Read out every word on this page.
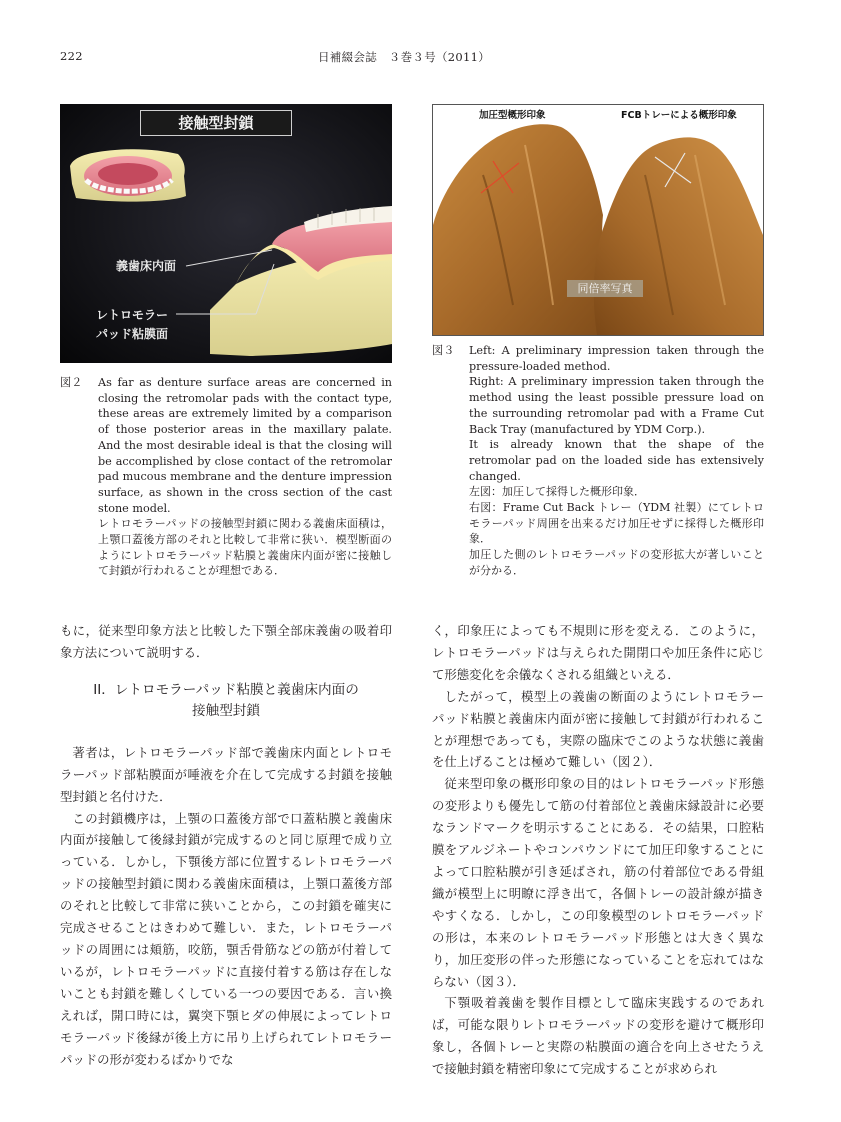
222	日補綴会誌　３巻３号（2011）
接触型封鎖
義歯床内面
レトロモラー
パッド粘膜面
加圧型概形印象	FCBトレーによる概形印象
同倍率写真
図２ As far as denture surface areas are concerned in closing the retromolar pads with the contact type, these areas are extremely limited by a comparison of those posterior areas in the maxillary palate. And the most desirable ideal is that the closing will be accomplished by close contact of the retromolar pad mucous membrane and the denture impression surface, as shown in the cross section of the cast stone model.
レトロモラーパッドの接触型封鎖に関わる義歯床面積は，上顎口蓋後方部のそれと比較して非常に狭い．模型断面のようにレトロモラーパッド粘膜と義歯床内面が密に接触して封鎖が行われることが理想である．
図３ Left: A preliminary impression taken through the pressure-loaded method.
Right: A preliminary impression taken through the method using the least possible pressure load on the surrounding retromolar pad with a Frame Cut Back Tray (manufactured by YDM Corp.).
It is already known that the shape of the retromolar pad on the loaded side has extensively changed.
左図：加圧して採得した概形印象．
右図：Frame Cut Back トレー（YDM 社製）にてレトロモラーパッド周囲を出来るだけ加圧せずに採得した概形印象．
加圧した側のレトロモラーパッドの変形拡大が著しいことが分かる．

もに，従来型印象方法と比較した下顎全部床義歯の吸着印象方法について説明する．

II．レトロモラーパッド粘膜と義歯床内面の
接触型封鎖

著者は，レトロモラーパッド部で義歯床内面とレトロモラーパッド部粘膜面が唾液を介在して完成する封鎖を接触型封鎖と名付けた．

この封鎖機序は，上顎の口蓋後方部で口蓋粘膜と義歯床内面が接触して後縁封鎖が完成するのと同じ原理で成り立っている．しかし，下顎後方部に位置するレトロモラーパッドの接触型封鎖に関わる義歯床面積は，上顎口蓋後方部のそれと比較して非常に狭いことから，この封鎖を確実に完成させることはきわめて難しい．また，レトロモラーパッドの周囲には頬筋，咬筋，顎舌骨筋などの筋が付着しているが，レトロモラーパッドに直接付着する筋は存在しないことも封鎖を難しくしている一つの要因である．言い換えれば，開口時には，翼突下顎ヒダの伸展によってレトロモラーパッド後縁が後上方に吊り上げられてレトロモラーパッドの形が変わるばかりでな

く，印象圧によっても不規則に形を変える．このように，レトロモラーパッドは与えられた開閉口や加圧条件に応じて形態変化を余儀なくされる組織といえる．

したがって，模型上の義歯の断面のようにレトロモラーパッド粘膜と義歯床内面が密に接触して封鎖が行われることが理想であっても，実際の臨床でこのような状態に義歯を仕上げることは極めて難しい（図２）．

従来型印象の概形印象の目的はレトロモラーパッド形態の変形よりも優先して筋の付着部位と義歯床縁設計に必要なランドマークを明示することにある．その結果，口腔粘膜をアルジネートやコンパウンドにて加圧印象することによって口腔粘膜が引き延ばされ，筋の付着部位である骨組織が模型上に明瞭に浮き出て，各個トレーの設計線が描きやすくなる．しかし，この印象模型のレトロモラーパッドの形は，本来のレトロモラーパッド形態とは大きく異なり，加圧変形の伴った形態になっていることを忘れてはならない（図３）．

下顎吸着義歯を製作目標として臨床実践するのであれば，可能な限りレトロモラーパッドの変形を避けて概形印象し，各個トレーと実際の粘膜面の適合を向上させたうえで接触封鎖を精密印象にて完成することが求められ
